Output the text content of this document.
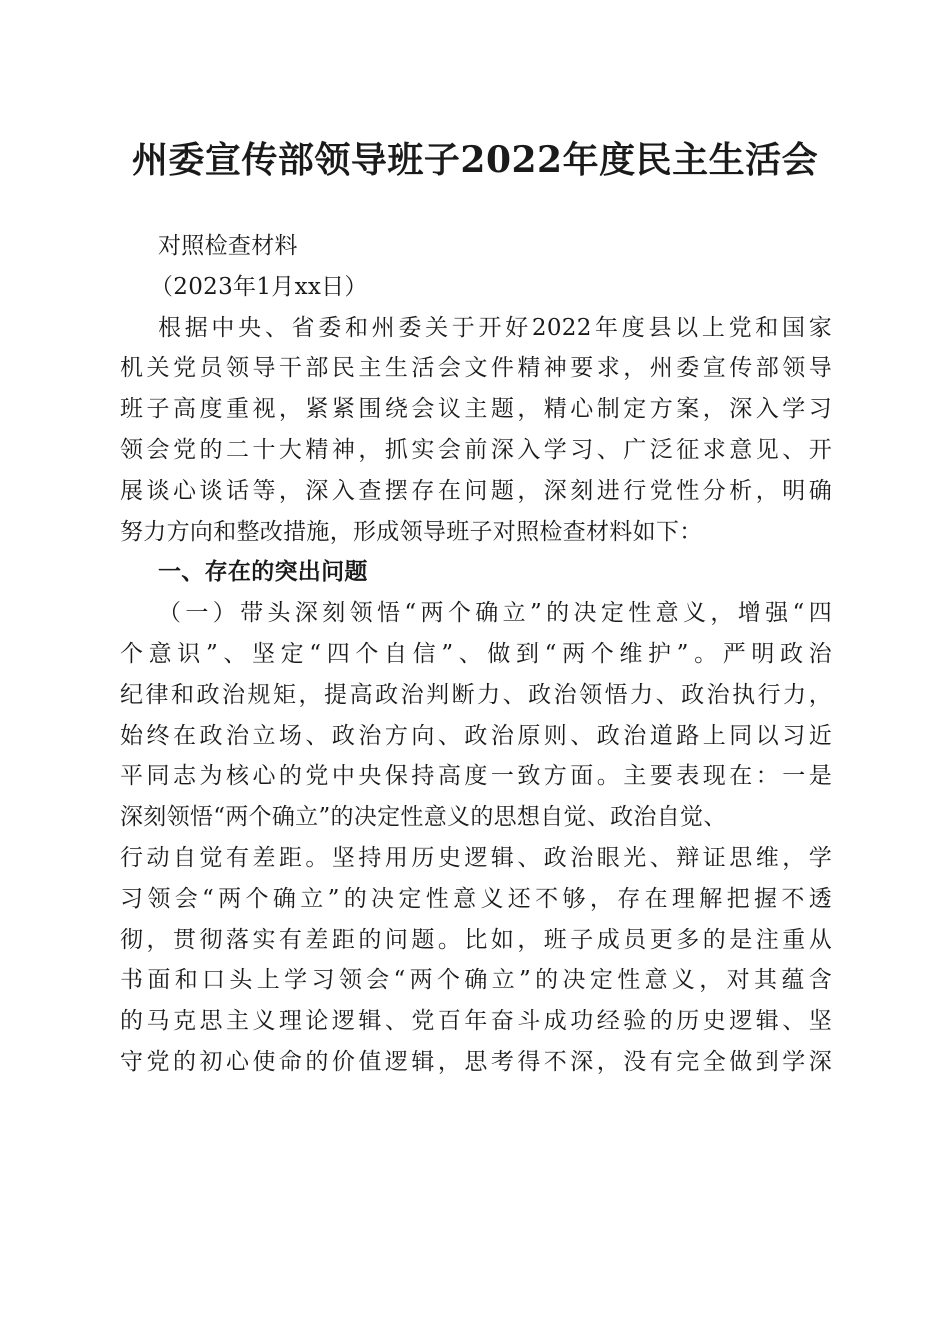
州委宣传部领导班子2022年度民主生活会

对照检查材料

（2023年1月xx日）

根据中央、省委和州委关于开好2022年度县以上党和国家

机关党员领导干部民主生活会文件精神要求，州委宣传部领导

班子高度重视，紧紧围绕会议主题，精心制定方案，深入学习

领会党的二十大精神，抓实会前深入学习、广泛征求意见、开

展谈心谈话等，深入查摆存在问题，深刻进行党性分析，明确

努力方向和整改措施，形成领导班子对照检查材料如下：

一、存在的突出问题

（一）带头深刻领悟“两个确立”的决定性意义，增强“四

个意识”、坚定“四个自信”、做到“两个维护”。严明政治

纪律和政治规矩，提高政治判断力、政治领悟力、政治执行力，

始终在政治立场、政治方向、政治原则、政治道路上同以习近

平同志为核心的党中央保持高度一致方面。主要表现在：一是

深刻领悟“两个确立”的决定性意义的思想自觉、政治自觉、

行动自觉有差距。坚持用历史逻辑、政治眼光、辩证思维，学

习领会“两个确立”的决定性意义还不够，存在理解把握不透

彻，贯彻落实有差距的问题。比如，班子成员更多的是注重从

书面和口头上学习领会“两个确立”的决定性意义，对其蕴含

的马克思主义理论逻辑、党百年奋斗成功经验的历史逻辑、坚

守党的初心使命的价值逻辑，思考得不深，没有完全做到学深
